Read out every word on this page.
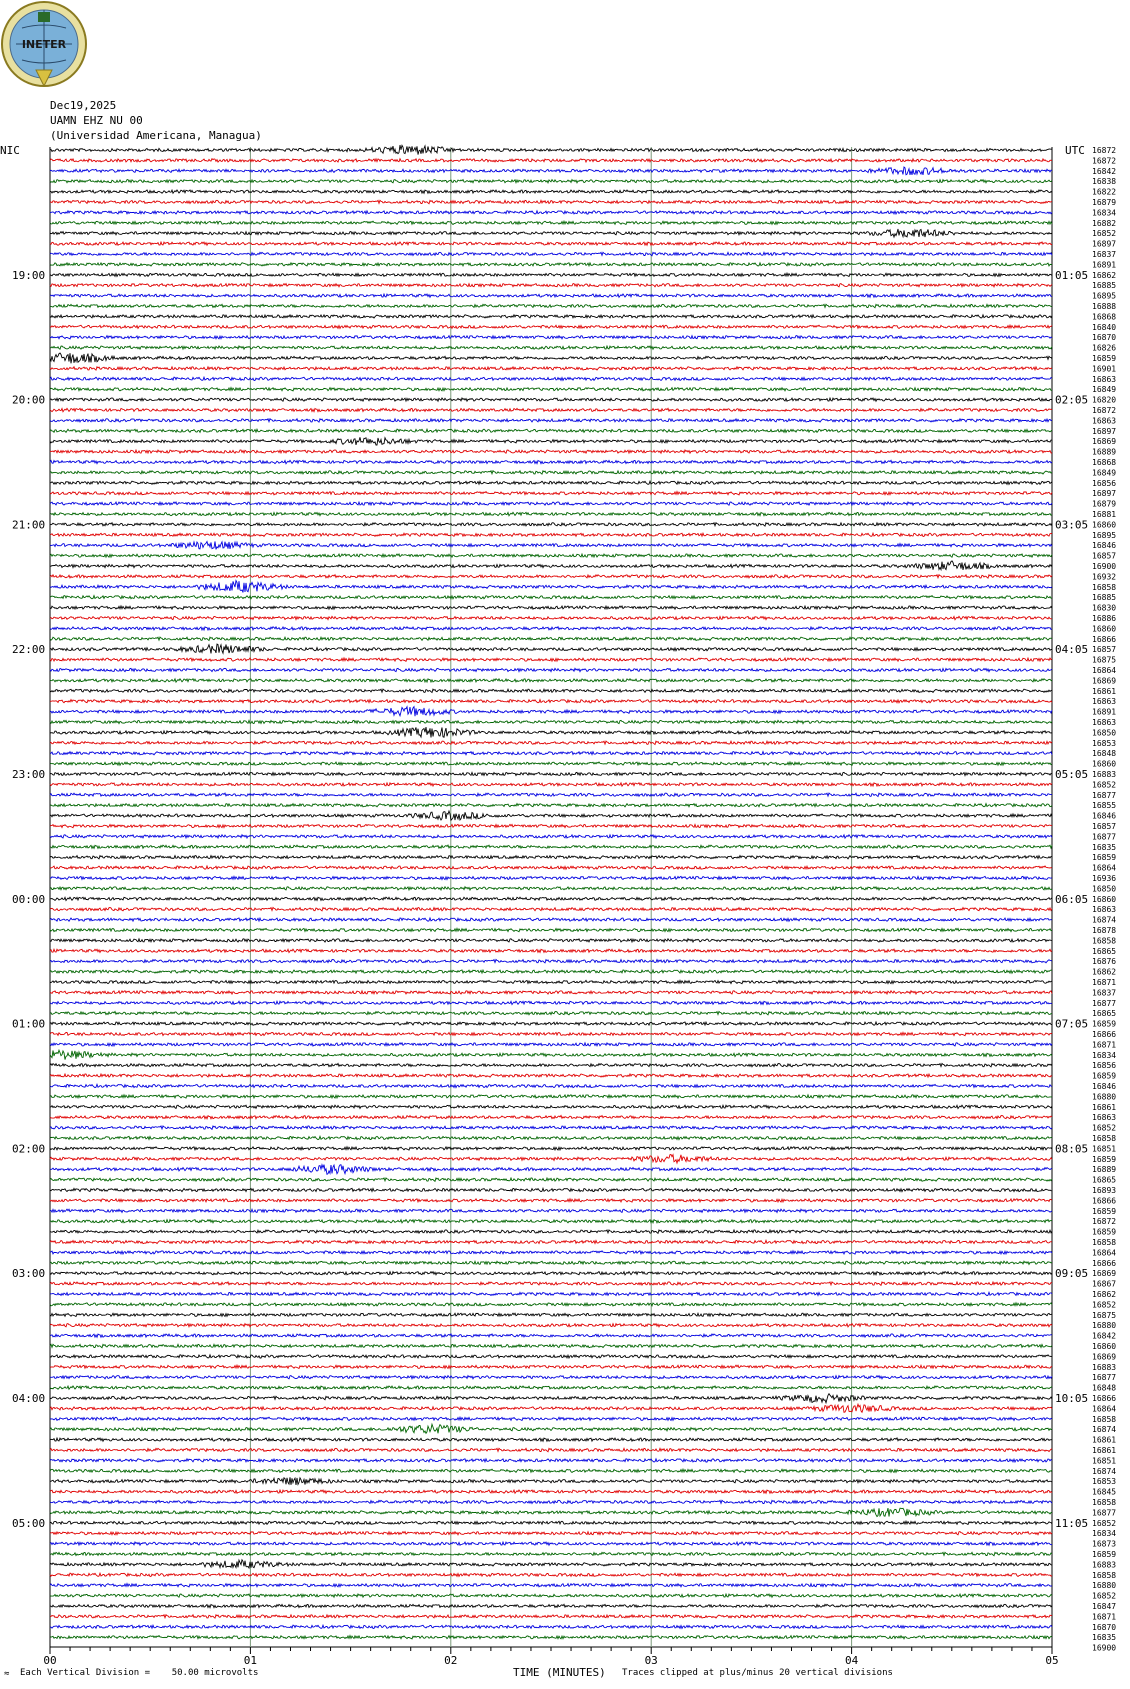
00	01	02	03	04	05
16872
16872
16842
16838
16822
16879
16834
16882
16852
16897
16837
16891
16862
16885
16895
16888
16868
16840
16870
16826
16859
16901
16863
16849
16820
16872
16863
16897
16869
16889
16868
16849
16856
16897
16879
16881
16860
16895
16846
16857
16900
16932
16858
16885
16830
16886
16860
16866
16857
16875
16864
16869
16861
16863
16891
16863
16850
16853
16848
16860
16883
16852
16877
16855
16846
16857
16877
16835
16859
16864
16936
16850
16860
16863
16874
16878
16858
16865
16876
16862
16871
16837
16877
16865
16859
16866
16871
16834
16856
16859
16846
16880
16861
16863
16852
16858
16851
16859
16889
16865
16893
16866
16859
16872
16859
16858
16864
16866
16869
16867
16862
16852
16875
16880
16842
16860
16869
16883
16877
16848
16866
16864
16858
16874
16861
16861
16851
16874
16853
16845
16858
16877
16852
16834
16873
16859
16883
16858
16880
16852
16847
16871
16870
16835
16900
NIC	UTC
19:00	01:05
20:00	02:05
21:00	03:05
22:00	04:05
23:00	05:05
00:00	06:05
01:00	07:05
02:00	08:05
03:00	09:05
04:00	10:05
05:00	11:05
INETER
Dec19,2025
UAMN EHZ NU 00
(Universidad Americana, Managua)
≈ Each Vertical Division =    50.00 microvolts	TIME (MINUTES) Traces clipped at plus/minus 20 vertical divisions
